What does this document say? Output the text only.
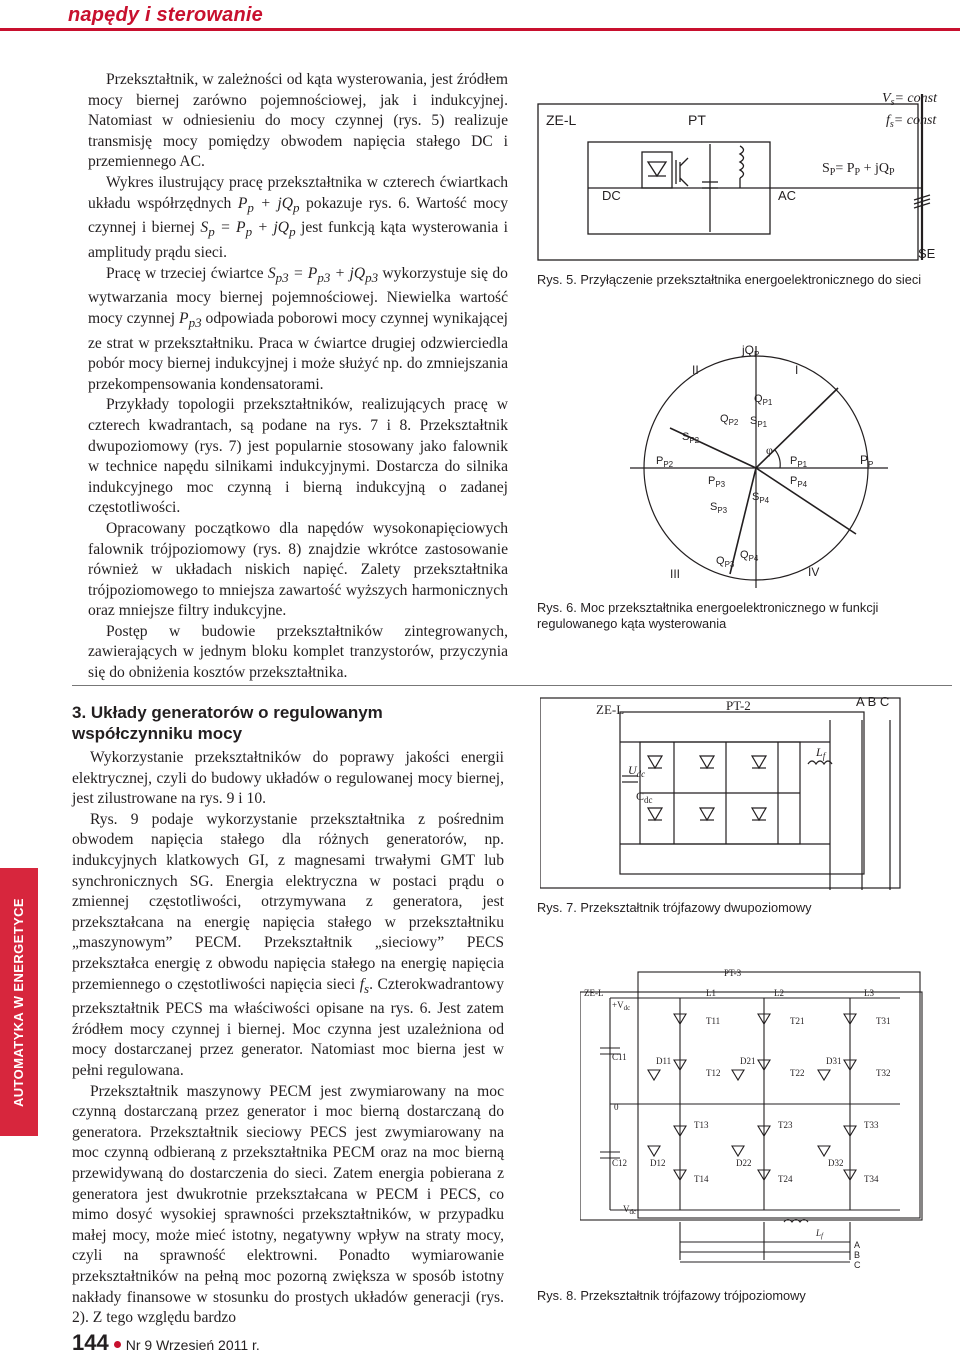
napędy i sterowanie

Przekształtnik, w zależności od kąta wysterowania, jest źródłem mocy biernej zarówno pojemnościowej, jak i indukcyjnej. Natomiast w odniesieniu do mocy czynnej (rys. 5) realizuje transmisję mocy pomiędzy obwodem napięcia stałego DC i przemiennego AC.

Wykres ilustrujący pracę przekształtnika w czterech ćwiartkach układu współrzędnych $P_p + jQ_p$ pokazuje rys. 6. Wartość mocy czynnej i biernej $S_p = P_p + jQ_p$ jest funkcją kąta wysterowania i amplitudy prądu sieci.

Pracę w trzeciej ćwiartce $S_{p3} = P_{p3} + jQ_{p3}$ wykorzystuje się do wytwarzania mocy biernej pojemnościowej. Niewielka wartość mocy czynnej $P_{p3}$ odpowiada poborowi mocy czynnej wynikającej ze strat w przekształtniku. Praca w ćwiartce drugiej odzwierciedla pobór mocy biernej indukcyjnej i może służyć np. do zmniejszania przekompensowania kondensatorami.

Przykłady topologii przekształtników, realizujących pracę w czterech kwadrantach, są podane na rys. 7 i 8. Przekształtnik dwupoziomowy (rys. 7) jest popularnie stosowany jako falownik w technice napędu silnikami indukcyjnymi. Dostarcza do silnika indukcyjnego moc czynną i bierną indukcyjną o zadanej częstotliwości.

Opracowany początkowo dla napędów wysokonapięciowych falownik trójpoziomowy (rys. 8) znajdzie wkrótce zastosowanie również w układach niskich napięć. Zalety przekształtnika trójpoziomowego to mniejsza zawartość wyższych harmonicznych oraz mniejsze filtry indukcyjne.

Postęp w budowie przekształtników zintegrowanych, zawierających w jednym bloku komplet tranzystorów, przyczynia się do obniżenia kosztów przekształtnika.

3. Układy generatorów o regulowanym współczynniku mocy

Wykorzystanie przekształtników do poprawy jakości energii elektrycznej, czyli do budowy układów o regulowanej mocy biernej, jest zilustrowane na rys. 9 i 10.

Rys. 9 podaje wykorzystanie przekształtnika z pośrednim obwodem napięcia stałego dla różnych generatorów, np. indukcyjnych klatkowych GI, z magnesami trwałymi GMT lub synchronicznych SG. Energia elektryczna w postaci prądu o zmiennej częstotliwości, otrzymywana z generatora, jest przekształcana na energię napięcia stałego w przekształtniku „maszynowym” PECM. Przekształtnik „sieciowy” PECS przekształca energię z obwodu napięcia stałego na energię napięcia przemiennego o częstotliwości napięcia sieci $f_s$. Czterokwadrantowy przekształtnik PECS ma właściwości opisane na rys. 6. Jest zatem źródłem mocy czynnej i biernej. Moc czynna jest uzależniona od mocy dostarczanej przez generator. Natomiast moc bierna jest w pełni regulowana.

Przekształtnik maszynowy PECM jest zwymiarowany na moc czynną dostarczaną przez generator i moc bierną dostarczaną do generatora. Przekształtnik sieciowy PECS jest zwymiarowany na moc czynną odbieraną z przekształtnika PECM oraz na moc bierną przewidywaną do dostarczenia do sieci. Zatem energia pobierana z generatora jest dwukrotnie przekształcana w PECM i PECS, co mimo dosyć wysokiej sprawności przekształtników, w przypadku małej mocy, może mieć istotny, negatywny wpływ na straty mocy, czyli na sprawność elektrowni. Ponadto wymiarowanie przekształtników na pełną moc pozorną zwiększa w sposób istotny nakłady finansowe w stosunku do prostych układów generacji (rys. 2). Z tego względu bardzo

AUTOMATYKA W ENERGETYCE
144 Nr 9 Wrzesień 2011 r.
ZE-L	PT
DC	AC
SE
$V_s=$ const
$f_s=$ const
$S_P= P_P + jQ_P$
Rys. 5. Przyłączenie przekształtnika energoelektronicznego do sieci
$jQ_P$
I
II
III	IV
$P_P$
$P_{P1}$
$P_{P2}$
$P_{P3}$	$P_{P4}$
$Q_{P1}$
$Q_{P2}$
$Q_{P3}$
$Q_{P4}$
$S_{P1}$
$S_{P2}$
$S_{P3}$
$S_{P4}$
φ
Rys. 6. Moc przekształtnika energoelektronicznego w funkcji regulowanego kąta wysterowania
ZE-L	PT-2	A B C
$U_{dc}$
$C_{dc}$
$L_f$
Rys. 7. Przekształtnik trójfazowy dwupoziomowy
ZE-L
PT-3
$+V_{dc}$
$-V_{dc}$
C11
C12
0
L1	L2	L3
T11
T12
T13
T14
T21
T22
T23
T24
T31
T32
T33
T34
D11
D12
D21
D22
D31
D32
$L_f$
A
B
C
Rys. 8. Przekształtnik trójfazowy trójpoziomowy
